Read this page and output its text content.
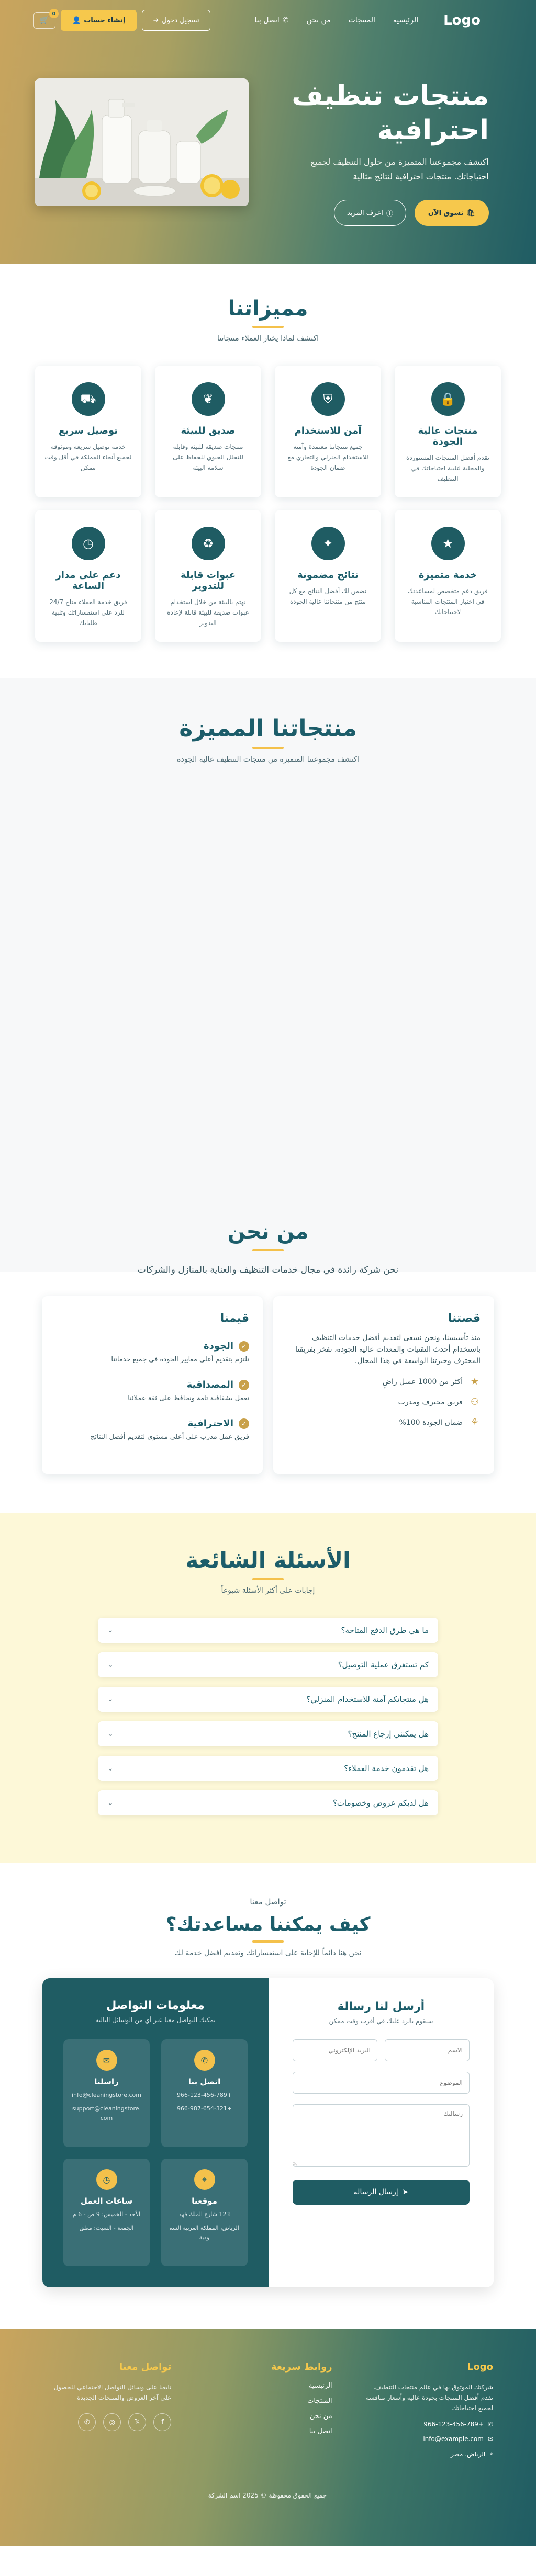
Logo
الرئيسية
المنتجات
من نحن
✆
اتصل بنا
🛒
0
👤 إنشاء حساب	➜ تسجيل دخول
منتجات تنظيف احترافية

اكتشف مجموعتنا المتميزة من حلول التنظيف لجميع احتياجاتك. منتجات احترافية لنتائج مثالية

🛍
تسوق الآن
ⓘ
اعرف المزيد
مميزاتنا

اكتشف لماذا يختار العملاء منتجاتنا

🔒
منتجات عالية الجودة

نقدم أفضل المنتجات المستوردة والمحلية لتلبية احتياجاتك في التنظيف

⛨
آمن للاستخدام

جميع منتجاتنا معتمدة وآمنة للاستخدام المنزلي والتجاري مع ضمان الجودة

❦
صديق للبيئة

منتجات صديقة للبيئة وقابلة للتحلل الحيوي للحفاظ على سلامة البيئة

⛟
توصيل سريع

خدمة توصيل سريعة وموثوقة لجميع أنحاء المملكة في أقل وقت ممكن

★
خدمة متميزة

فريق دعم متخصص لمساعدتك في اختيار المنتجات المناسبة لاحتياجاتك

✦
نتائج مضمونة

نضمن لك أفضل النتائج مع كل منتج من منتجاتنا عالية الجودة

♻
عبوات قابلة للتدوير

نهتم بالبيئة من خلال استخدام عبوات صديقة للبيئة قابلة لإعادة التدوير

◷
دعم على مدار الساعة

فريق خدمة العملاء متاح 24/7 للرد على استفساراتك وتلبية طلباتك

منتجاتنا المميزة

اكتشف مجموعتنا المتميزة من منتجات التنظيف عالية الجودة

من نحن

نحن شركة رائدة في مجال خدمات التنظيف والعناية بالمنازل والشركات

قصتنا

منذ تأسيسنا، ونحن نسعى لتقديم أفضل خدمات التنظيف باستخدام أحدث التقنيات والمعدات عالية الجودة، نفخر بفريقنا المحترف وخبرتنا الواسعة في هذا المجال.

★
أكثر من 1000 عميل راضٍ
⚇
فريق محترف ومدرب
⚘
ضمان الجودة 100%
قيمنا
✓
الجودة

نلتزم بتقديم أعلى معايير الجودة في جميع خدماتنا

✓
المصداقية

نعمل بشفافية تامة ونحافظ على ثقة عملائنا

✓
الاحترافية

فريق عمل مدرب على أعلى مستوى لتقديم أفضل النتائج

الأسئلة الشائعة

إجابات على أكثر الأسئلة شيوعاً

ما هي طرق الدفع المتاحة؟
⌄
كم تستغرق عملية التوصيل؟
⌄
هل منتجاتكم آمنة للاستخدام المنزلي؟
⌄
هل يمكنني إرجاع المنتج؟
⌄
هل تقدمون خدمة العملاء؟
⌄
هل لديكم عروض وخصومات؟
⌄

تواصل معنا

كيف يمكننا مساعدتك؟

نحن هنا دائماً للإجابة على استفساراتك وتقديم أفضل خدمة لك

أرسل لنا رسالة

سنقوم بالرد عليك في أقرب وقت ممكن

الاسم
البريد الإلكتروني
الموضوع رسالتك
➤
إرسال الرسالة
معلومات التواصل

يمكنك التواصل معنا عبر أي من الوسائل التالية

✆
اتصل بنا

+966-123-456-789

+966-987-654-321

✉
راسلنا

info@cleaningstore.com

support@cleaningstore.com

⌖
موقعنا

123 شارع الملك فهد

الرياض، المملكة العربية السعودية

◷
ساعات العمل

الأحد - الخميس: 9 ص - 6 م

الجمعة - السبت: مغلق

Logo

شركتك الموثوق بها في عالم منتجات التنظيف، نقدم أفضل المنتجات بجودة عالية وأسعار منافسة لجميع احتياجاتك

✆
+966-123-456-789
✉
info@example.com
⌖
الرياض، مصر
روابط سريعة
الرئيسية
المنتجات
من نحن
اتصل بنا
تواصل معنا

تابعنا على وسائل التواصل الاجتماعي للحصول على آخر العروض والمنتجات الجديدة

f
𝕏
◎
✆

جميع الحقوق محفوظة © 2025 اسم الشركة
